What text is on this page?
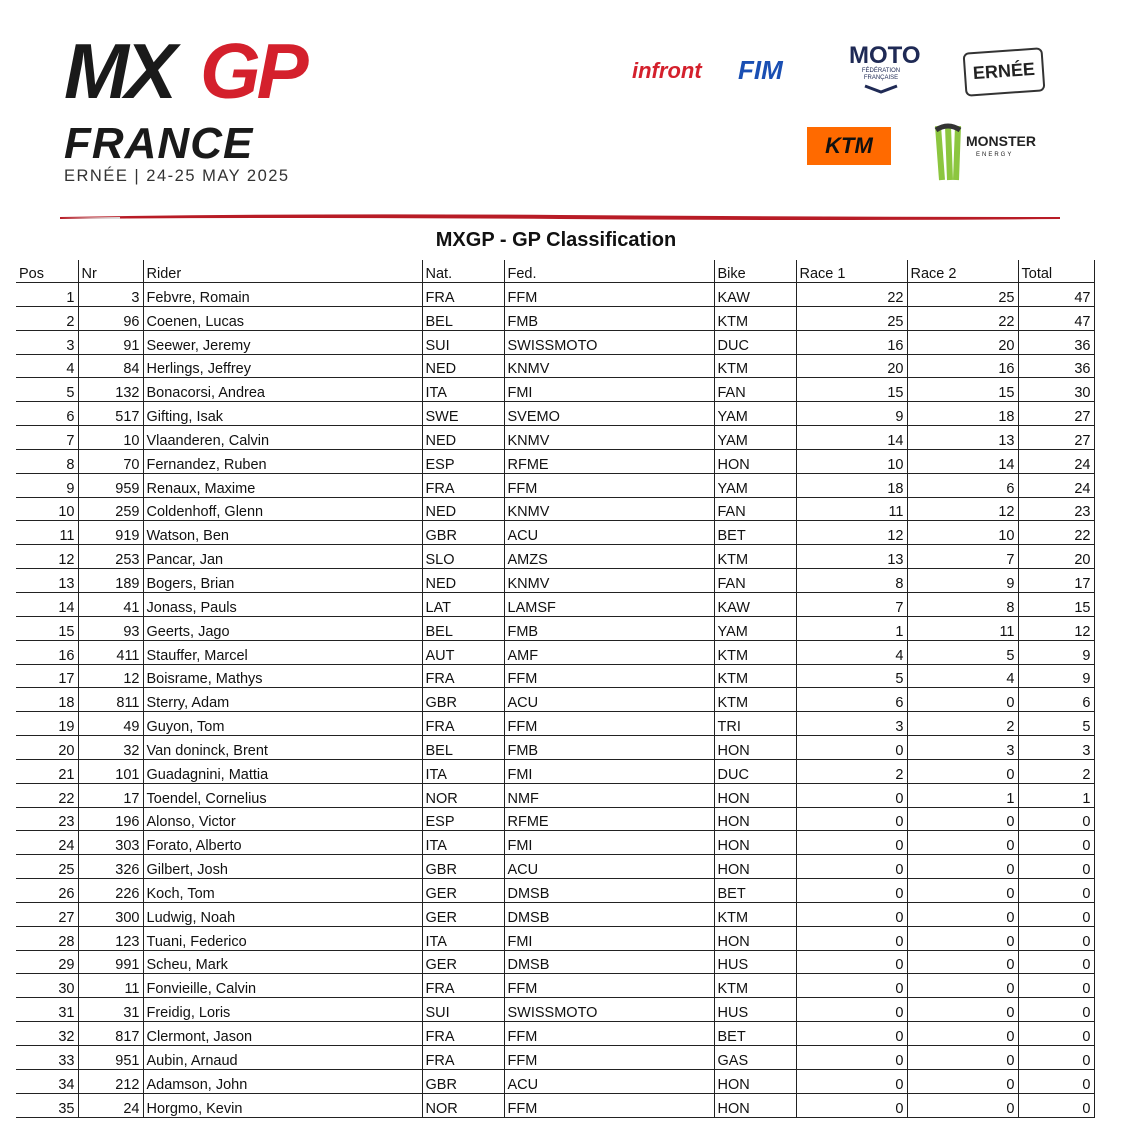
MX GP
FRANCE
ERNÉE | 24-25 MAY 2025
infront FIM	MOTO
FÉDÉRATION FRANÇAISE	ERNÉE
KTM	MONSTER
ENERGY
MXGP - GP Classification
Pos	Nr	Rider	Nat.	Fed.	Bike	Race 1	Race 2	Total
1	3	Febvre, Romain	FRA	FFM	KAW	22	25	47
2	96	Coenen, Lucas	BEL	FMB	KTM	25	22	47
3	91	Seewer, Jeremy	SUI	SWISSMOTO	DUC	16	20	36
4	84	Herlings, Jeffrey	NED	KNMV	KTM	20	16	36
5	132	Bonacorsi, Andrea	ITA	FMI	FAN	15	15	30
6	517	Gifting, Isak	SWE	SVEMO	YAM	9	18	27
7	10	Vlaanderen, Calvin	NED	KNMV	YAM	14	13	27
8	70	Fernandez, Ruben	ESP	RFME	HON	10	14	24
9	959	Renaux, Maxime	FRA	FFM	YAM	18	6	24
10	259	Coldenhoff, Glenn	NED	KNMV	FAN	11	12	23
11	919	Watson, Ben	GBR	ACU	BET	12	10	22
12	253	Pancar, Jan	SLO	AMZS	KTM	13	7	20
13	189	Bogers, Brian	NED	KNMV	FAN	8	9	17
14	41	Jonass, Pauls	LAT	LAMSF	KAW	7	8	15
15	93	Geerts, Jago	BEL	FMB	YAM	1	11	12
16	411	Stauffer, Marcel	AUT	AMF	KTM	4	5	9
17	12	Boisrame, Mathys	FRA	FFM	KTM	5	4	9
18	811	Sterry, Adam	GBR	ACU	KTM	6	0	6
19	49	Guyon, Tom	FRA	FFM	TRI	3	2	5
20	32	Van doninck, Brent	BEL	FMB	HON	0	3	3
21	101	Guadagnini, Mattia	ITA	FMI	DUC	2	0	2
22	17	Toendel, Cornelius	NOR	NMF	HON	0	1	1
23	196	Alonso, Victor	ESP	RFME	HON	0	0	0
24	303	Forato, Alberto	ITA	FMI	HON	0	0	0
25	326	Gilbert, Josh	GBR	ACU	HON	0	0	0
26	226	Koch, Tom	GER	DMSB	BET	0	0	0
27	300	Ludwig, Noah	GER	DMSB	KTM	0	0	0
28	123	Tuani, Federico	ITA	FMI	HON	0	0	0
29	991	Scheu, Mark	GER	DMSB	HUS	0	0	0
30	11	Fonvieille, Calvin	FRA	FFM	KTM	0	0	0
31	31	Freidig, Loris	SUI	SWISSMOTO	HUS	0	0	0
32	817	Clermont, Jason	FRA	FFM	BET	0	0	0
33	951	Aubin, Arnaud	FRA	FFM	GAS	0	0	0
34	212	Adamson, John	GBR	ACU	HON	0	0	0
35	24	Horgmo, Kevin	NOR	FFM	HON	0	0	0
